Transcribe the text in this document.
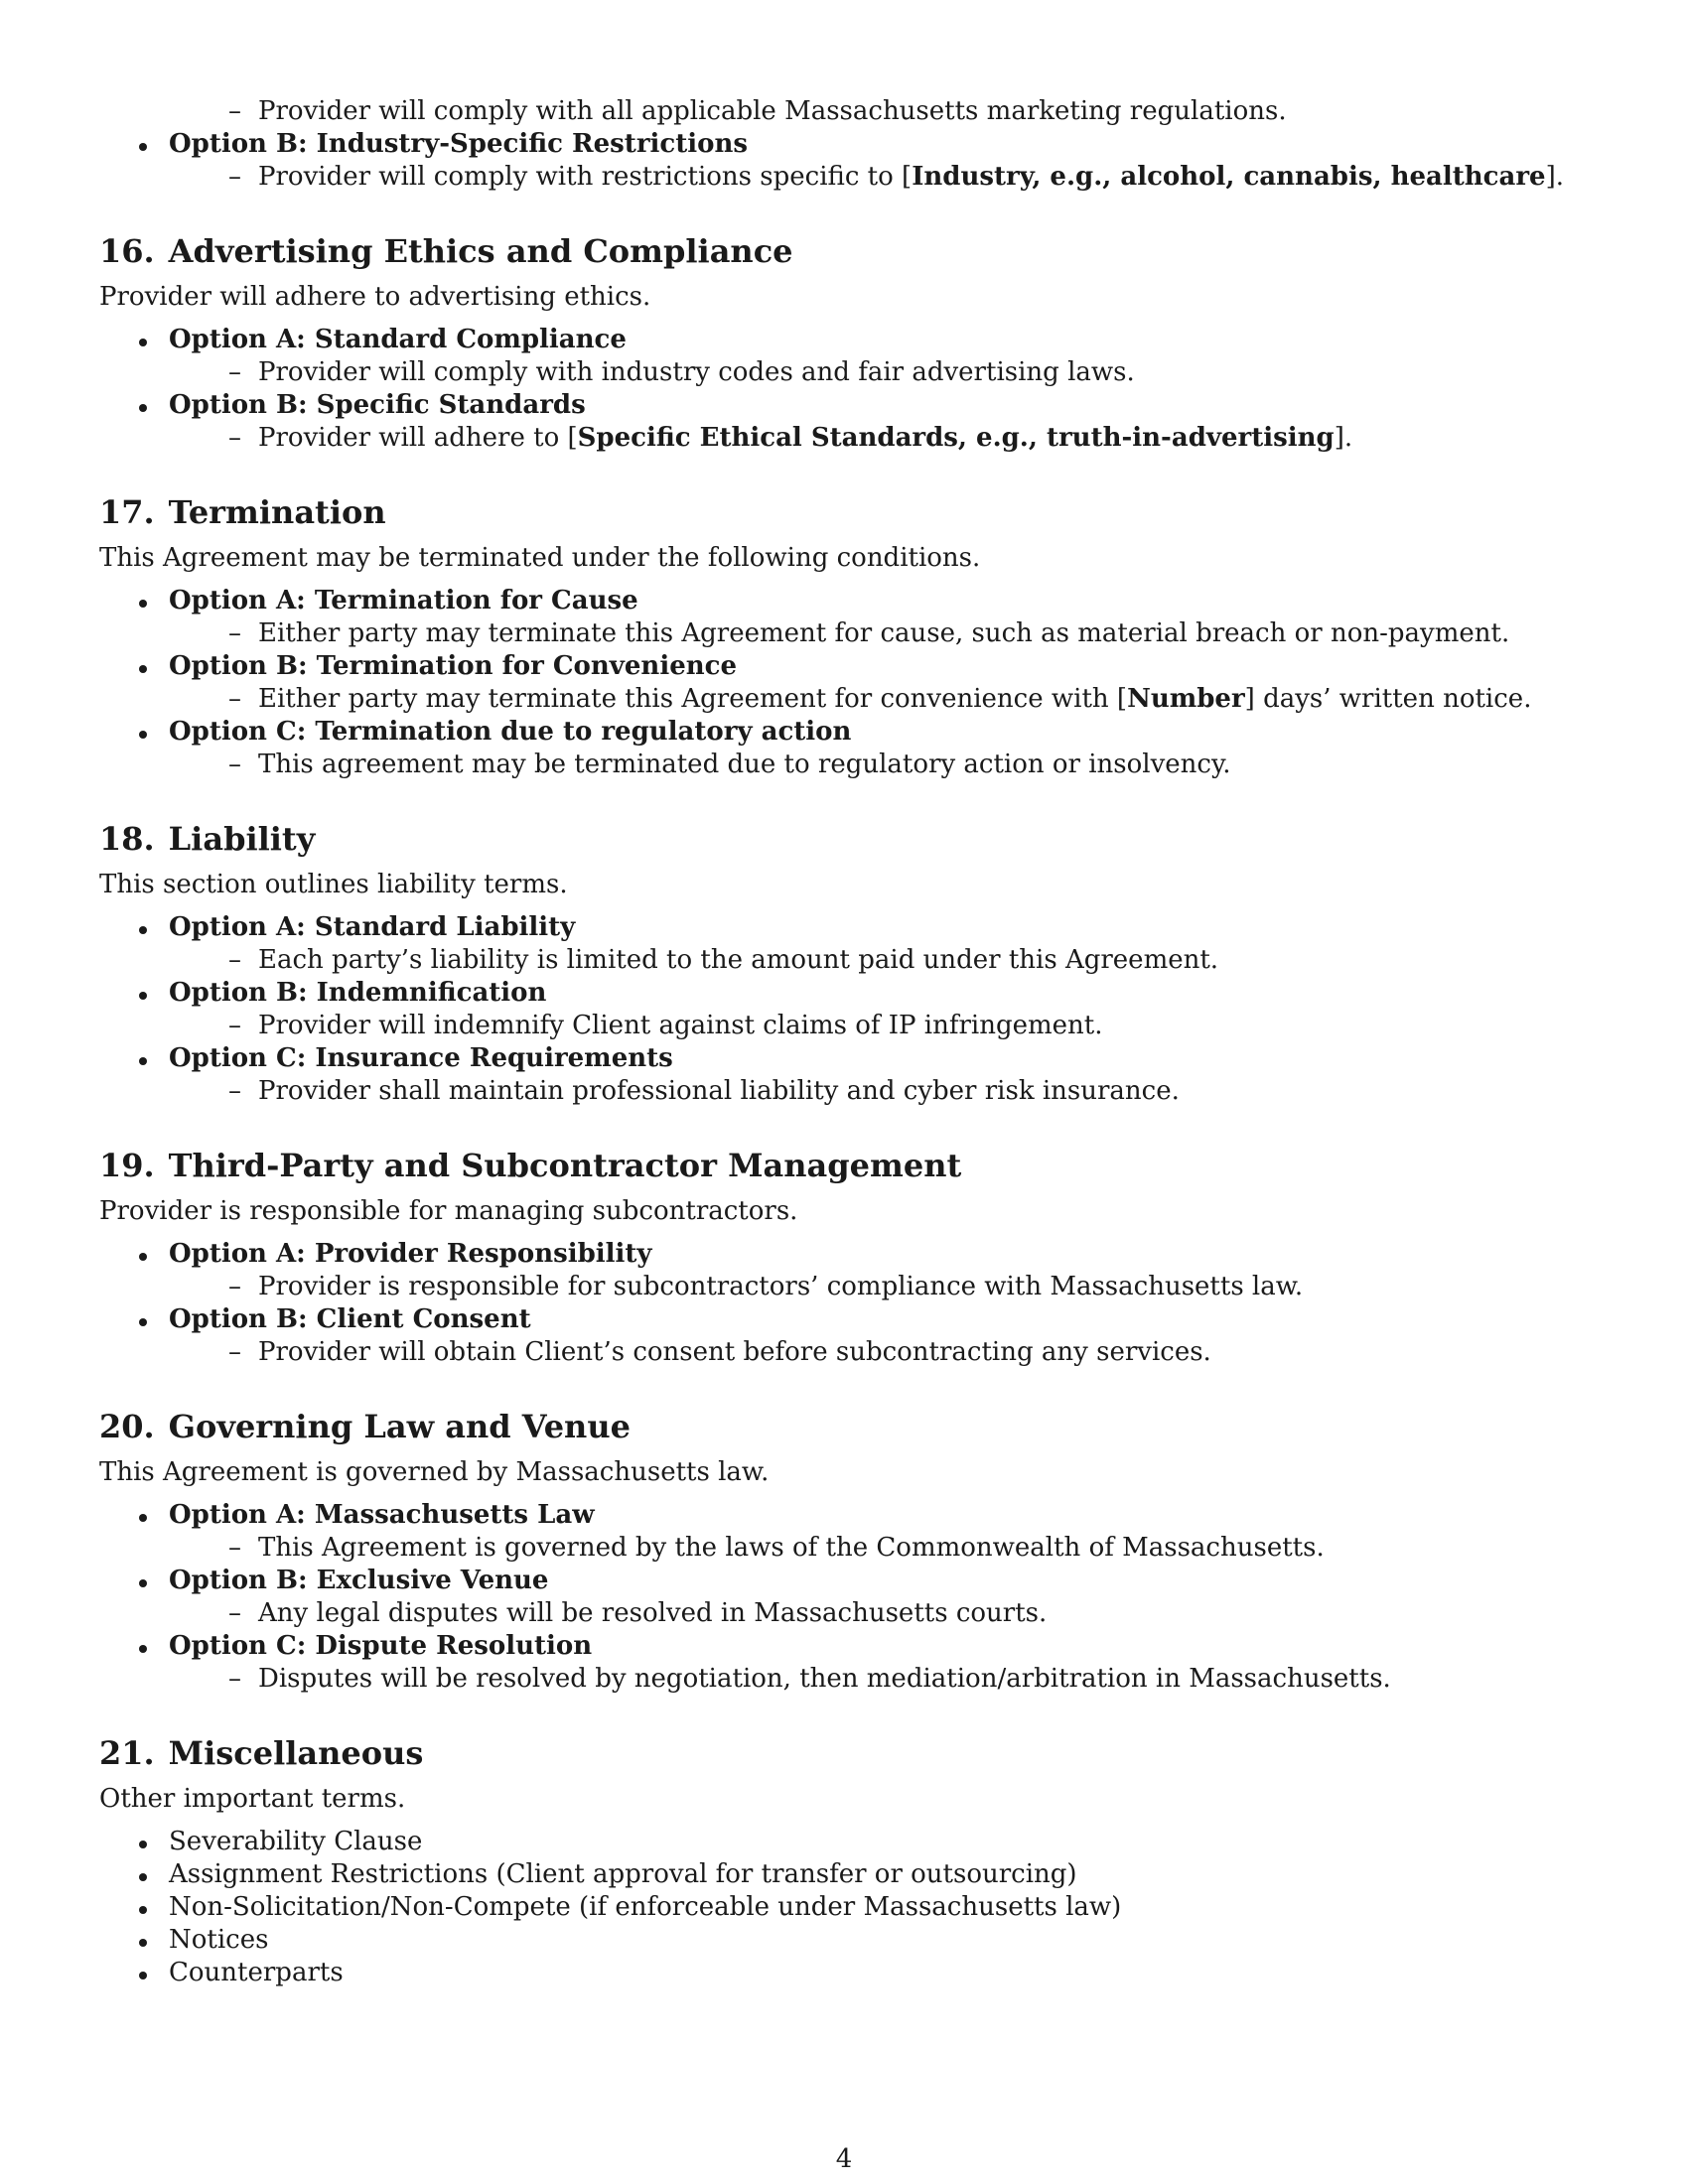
– Provider will comply with all applicable Massachusetts marketing regulations.
Option B: Industry-Specific Restrictions
– Provider will comply with restrictions specific to [Industry, e.g., alcohol, cannabis, healthcare].
16. Advertising Ethics and Compliance
Provider will adhere to advertising ethics.
Option A: Standard Compliance
– Provider will comply with industry codes and fair advertising laws.
Option B: Specific Standards
– Provider will adhere to [Specific Ethical Standards, e.g., truth-in-advertising].
17. Termination
This Agreement may be terminated under the following conditions.
Option A: Termination for Cause
– Either party may terminate this Agreement for cause, such as material breach or non-payment.
Option B: Termination for Convenience
– Either party may terminate this Agreement for convenience with [Number] days’ written notice.
Option C: Termination due to regulatory action
– This agreement may be terminated due to regulatory action or insolvency.
18. Liability
This section outlines liability terms.
Option A: Standard Liability
– Each party’s liability is limited to the amount paid under this Agreement.
Option B: Indemnification
– Provider will indemnify Client against claims of IP infringement.
Option C: Insurance Requirements
– Provider shall maintain professional liability and cyber risk insurance.
19. Third-Party and Subcontractor Management
Provider is responsible for managing subcontractors.
Option A: Provider Responsibility
– Provider is responsible for subcontractors’ compliance with Massachusetts law.
Option B: Client Consent
– Provider will obtain Client’s consent before subcontracting any services.
20. Governing Law and Venue
This Agreement is governed by Massachusetts law.
Option A: Massachusetts Law
– This Agreement is governed by the laws of the Commonwealth of Massachusetts.
Option B: Exclusive Venue
– Any legal disputes will be resolved in Massachusetts courts.
Option C: Dispute Resolution
– Disputes will be resolved by negotiation, then mediation/arbitration in Massachusetts.
21. Miscellaneous
Other important terms.
Severability Clause
Assignment Restrictions (Client approval for transfer or outsourcing)
Non-Solicitation/Non-Compete (if enforceable under Massachusetts law)
Notices
Counterparts
4
